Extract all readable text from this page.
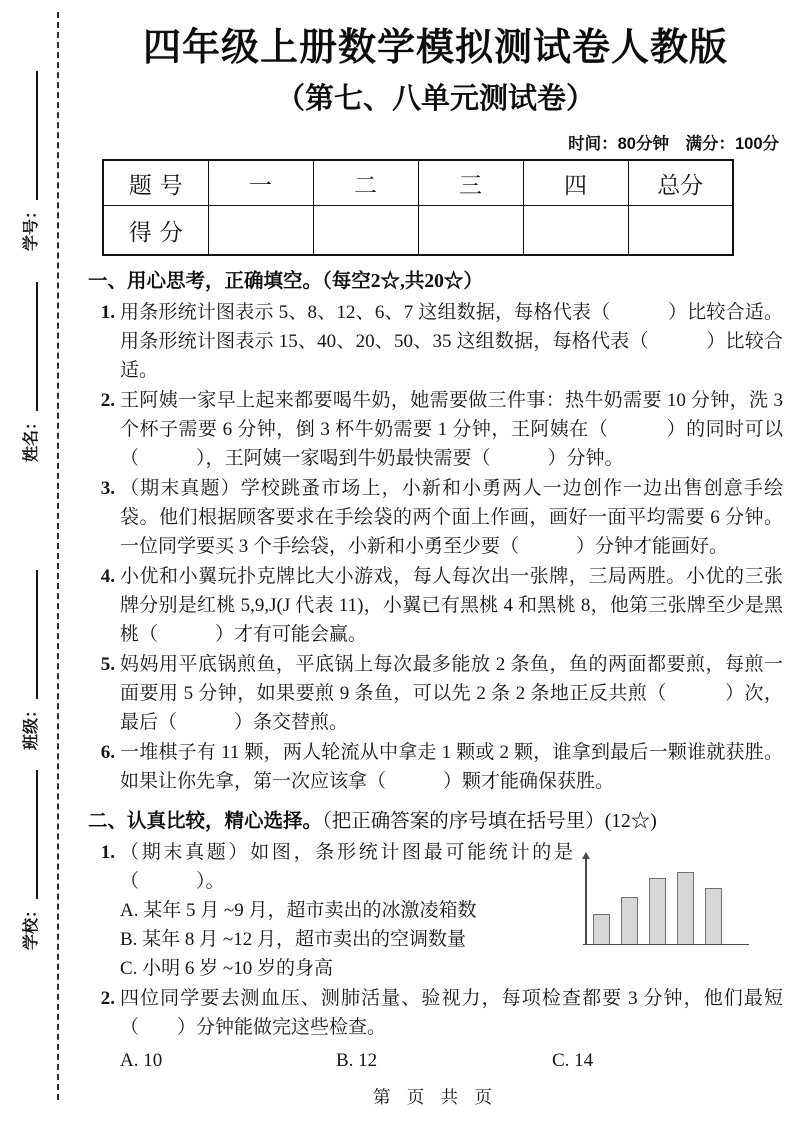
学号：
姓名：
班级：
学校：
四年级上册数学模拟测试卷人教版
（第七、八单元测试卷）
时间：80分钟　满分：100分
题号	一	二	三	四	总分
得分					
一、用心思考，正确填空。（每空2☆,共20☆）
1. 用条形统计图表示 5、8、12、6、7 这组数据，每格代表（　　　）比较合适。用条形统计图表示 15、40、20、50、35 这组数据，每格代表（　　　）比较合适。
2. 王阿姨一家早上起来都要喝牛奶，她需要做三件事：热牛奶需要 10 分钟，洗 3 个杯子需要 6 分钟，倒 3 杯牛奶需要 1 分钟，王阿姨在（　　　）的同时可以（　　　），王阿姨一家喝到牛奶最快需要（　　　）分钟。
3. （期末真题）学校跳蚤市场上，小新和小勇两人一边创作一边出售创意手绘袋。他们根据顾客要求在手绘袋的两个面上作画，画好一面平均需要 6 分钟。一位同学要买 3 个手绘袋，小新和小勇至少要（　　　）分钟才能画好。
4. 小优和小翼玩扑克牌比大小游戏，每人每次出一张牌，三局两胜。小优的三张牌分别是红桃 5,9,J(J 代表 11)，小翼已有黑桃 4 和黑桃 8，他第三张牌至少是黑桃（　　　）才有可能会赢。
5. 妈妈用平底锅煎鱼，平底锅上每次最多能放 2 条鱼，鱼的两面都要煎，每煎一面要用 5 分钟，如果要煎 9 条鱼，可以先 2 条 2 条地正反共煎（　　　）次，最后（　　　）条交替煎。
6. 一堆棋子有 11 颗，两人轮流从中拿走 1 颗或 2 颗，谁拿到最后一颗谁就获胜。如果让你先拿，第一次应该拿（　　　）颗才能确保获胜。
二、认真比较，精心选择。（把正确答案的序号填在括号里）(12☆)
1. （期末真题）如图，条形统计图最可能统计的是（　　　）。
A. 某年 5 月 ~9 月，超市卖出的冰激凌箱数
B. 某年 8 月 ~12 月，超市卖出的空调数量
C. 小明 6 岁 ~10 岁的身高
2. 四位同学要去测血压、测肺活量、验视力，每项检查都要 3 分钟，他们最短（　　）分钟能做完这些检查。
A. 10	B. 12	C. 14
第 页 共 页
